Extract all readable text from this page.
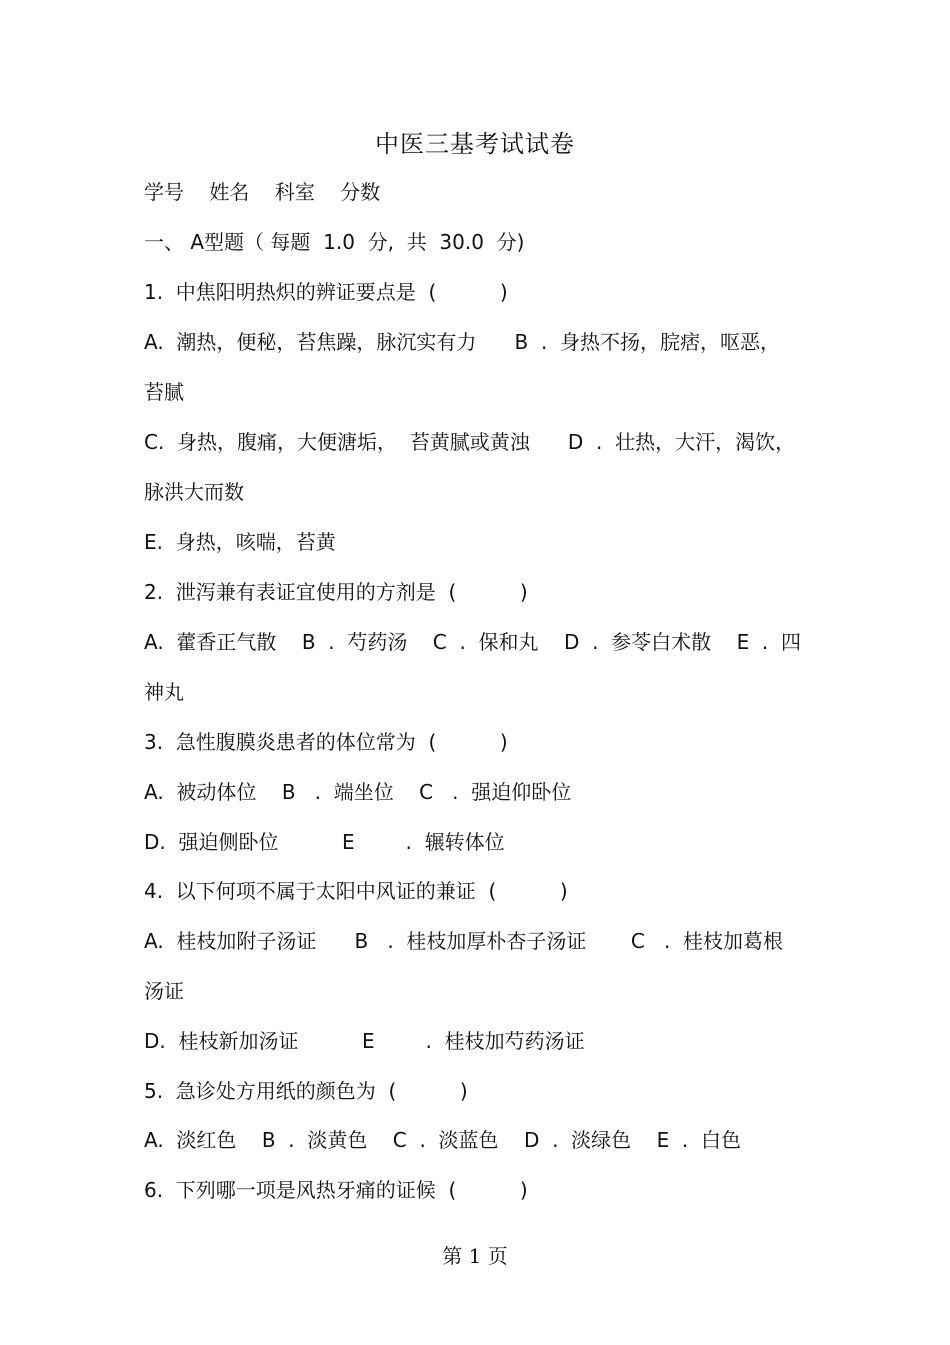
中医三基考试试卷

学号    姓名    科室    分数

一、 A型题（ 每题  1.0  分,  共  30.0  分)

1.  中焦阳明热炽的辨证要点是  (          )

A.  潮热，便秘，苔焦躁，脉沉实有力      B  .  身热不扬，脘痞，呕恶，

苔腻

C.  身热，腹痛，大便溏垢，  苔黄腻或黄浊      D  .  壮热，大汗，渴饮，

脉洪大而数

E.  身热，咳喘，苔黄

2.  泄泻兼有表证宜使用的方剂是  (          )

A.  藿香正气散    B  .  芍药汤    C  .  保和丸    D  .  参苓白术散    E  .  四

神丸

3.  急性腹膜炎患者的体位常为  (          )

A.  被动体位    B   .  端坐位    C   .  强迫仰卧位

D.  强迫侧卧位          E        .  辗转体位

4.  以下何项不属于太阳中风证的兼证  (          )

A.  桂枝加附子汤证      B   .  桂枝加厚朴杏子汤证       C   .  桂枝加葛根

汤证

D.  桂枝新加汤证          E        .  桂枝加芍药汤证

5.  急诊处方用纸的颜色为  (          )

A.  淡红色    B  .  淡黄色    C  .  淡蓝色    D  .  淡绿色    E  .  白色

6.  下列哪一项是风热牙痛的证候  (          )

第 1 页
